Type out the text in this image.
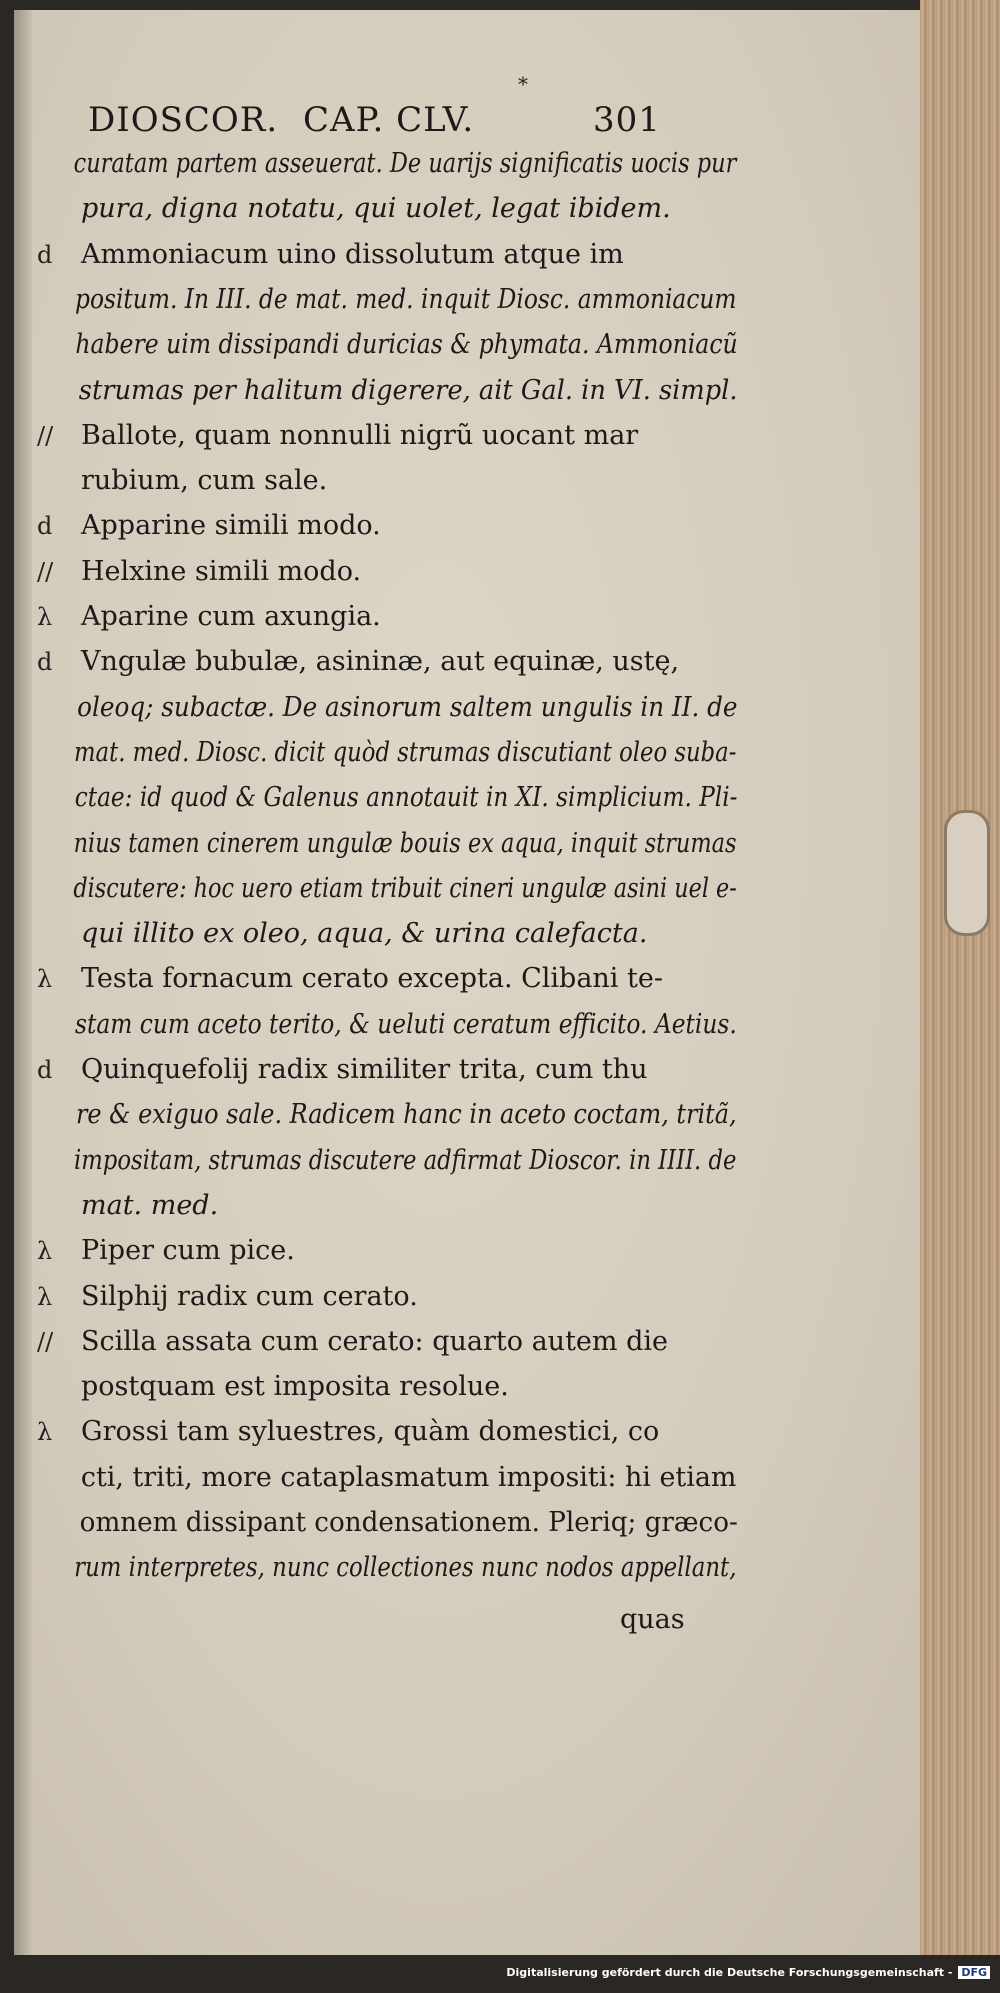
*
DIOSCOR. CAP. CLV.	301
curatam partem asseuerat. De uarijs significatis uocis pur
pura, digna notatu, qui uolet, legat ibidem.
d Ammoniacum uino dissolutum atque im
positum. In III. de mat. med. inquit Diosc. ammoniacum
habere uim dissipandi duricias & phymata. Ammoniacũ
strumas per halitum digerere, ait Gal. in VI. simpl.
// Ballote, quam nonnulli nigrũ uocant mar
rubium, cum sale.
d Apparine simili modo.
// Helxine simili modo.
λ Aparine cum axungia.
d Vngulæ bubulæ, asininæ, aut equinæ, ustę,
oleoq; subactæ. De asinorum saltem ungulis in II. de
mat. med. Diosc. dicit quòd strumas discutiant oleo suba-
ctae: id quod & Galenus annotauit in XI. simplicium. Pli-
nius tamen cinerem ungulæ bouis ex aqua, inquit strumas
discutere: hoc uero etiam tribuit cineri ungulæ asini uel e-
qui illito ex oleo, aqua, & urina calefacta.
λ Testa fornacum cerato excepta. Clibani te-
stam cum aceto terito, & ueluti ceratum efficito. Aetius.
d Quinquefolij radix similiter trita, cum thu
re & exiguo sale. Radicem hanc in aceto coctam, tritã,
impositam, strumas discutere adfirmat Dioscor. in IIII. de
mat. med.
λ Piper cum pice.
λ Silphij radix cum cerato.
// Scilla assata cum cerato: quarto autem die
postquam est imposita resolue.
λ Grossi tam syluestres, quàm domestici, co
cti, triti, more cataplasmatum impositi: hi etiam
omnem dissipant condensationem. Pleriq; græco-
rum interpretes, nunc collectiones nunc nodos appellant,
quas
Digitalisierung gefördert durch die Deutsche Forschungsgemeinschaft - DFG
